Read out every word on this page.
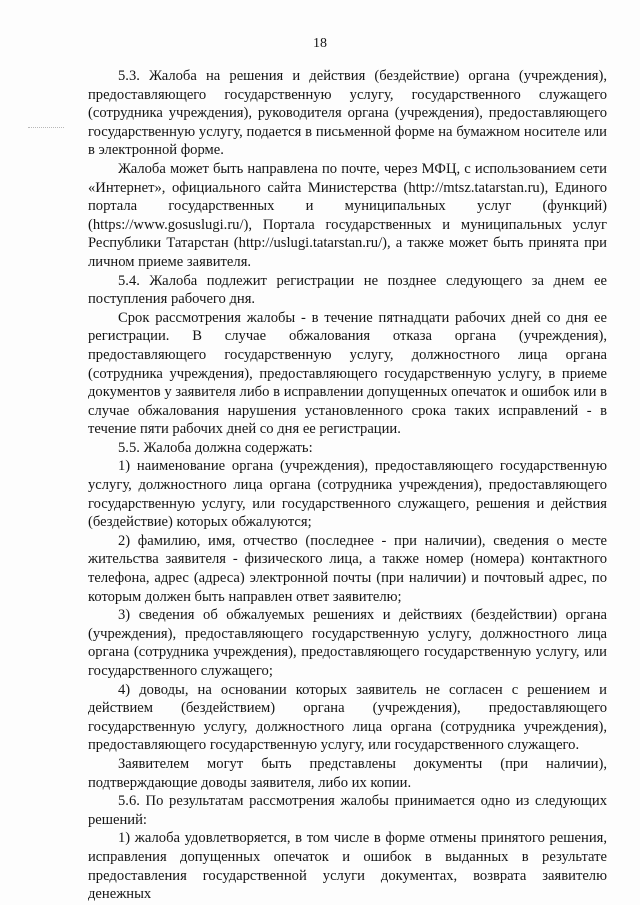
18

5.3. Жалоба на решения и действия (бездействие) органа (учреждения), предоставляющего государственную услугу, государственного служащего (сотрудника учреждения), руководителя органа (учреждения), предоставляющего государственную услугу, подается в письменной форме на бумажном носителе или в электронной форме.

Жалоба может быть направлена по почте, через МФЦ, с использованием сети «Интернет», официального сайта Министерства (http://mtsz.tatarstan.ru), Единого портала государственных и муниципальных услуг (функций) (https://www.gosuslugi.ru/), Портала государственных и муниципальных услуг Республики Татарстан (http://uslugi.tatarstan.ru/), а также может быть принята при личном приеме заявителя.

5.4. Жалоба подлежит регистрации не позднее следующего за днем ее поступления рабочего дня.

Срок рассмотрения жалобы - в течение пятнадцати рабочих дней со дня ее регистрации. В случае обжалования отказа органа (учреждения), предоставляющего государственную услугу, должностного лица органа (сотрудника учреждения), предоставляющего государственную услугу, в приеме документов у заявителя либо в исправлении допущенных опечаток и ошибок или в случае обжалования нарушения установленного срока таких исправлений - в течение пяти рабочих дней со дня ее регистрации.

5.5. Жалоба должна содержать:

1) наименование органа (учреждения), предоставляющего государственную услугу, должностного лица органа (сотрудника учреждения), предоставляющего государственную услугу, или государственного служащего, решения и действия (бездействие) которых обжалуются;

2) фамилию, имя, отчество (последнее - при наличии), сведения о месте жительства заявителя - физического лица, а также номер (номера) контактного телефона, адрес (адреса) электронной почты (при наличии) и почтовый адрес, по которым должен быть направлен ответ заявителю;

3) сведения об обжалуемых решениях и действиях (бездействии) органа (учреждения), предоставляющего государственную услугу, должностного лица органа (сотрудника учреждения), предоставляющего государственную услугу, или государственного служащего;

4) доводы, на основании которых заявитель не согласен с решением и действием (бездействием) органа (учреждения), предоставляющего государственную услугу, должностного лица органа (сотрудника учреждения), предоставляющего государственную услугу, или государственного служащего.

Заявителем могут быть представлены документы (при наличии), подтверждающие доводы заявителя, либо их копии.

5.6. По результатам рассмотрения жалобы принимается одно из следующих решений:

1) жалоба удовлетворяется, в том числе в форме отмены принятого решения, исправления допущенных опечаток и ошибок в выданных в результате предоставления государственной услуги документах, возврата заявителю денежных
